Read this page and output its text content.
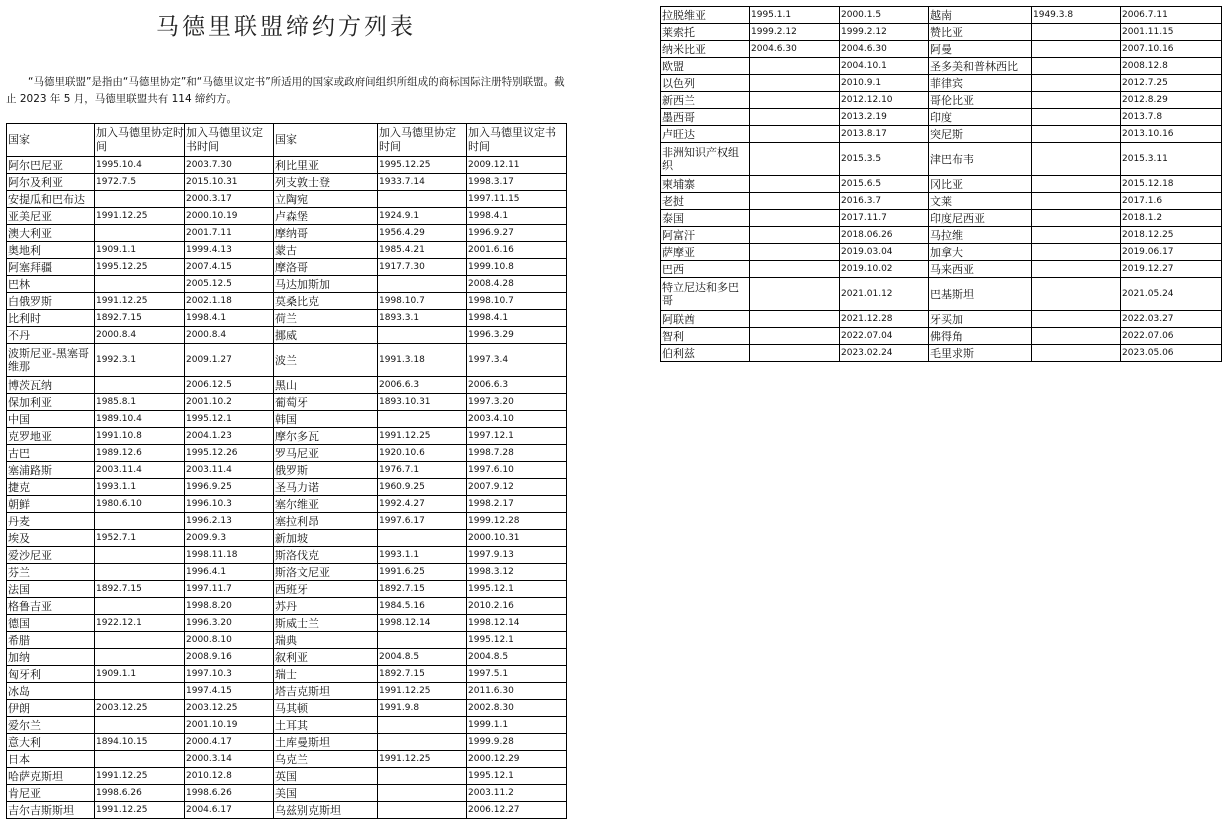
马德里联盟缔约方列表

“马德里联盟”是指由“马德里协定”和“马德里议定书”所适用的国家或政府间组织所组成的商标国际注册特别联盟。截止 2023 年 5 月，马德里联盟共有 114 缔约方。

国家	加入马德里协定时间	加入马德里议定书时间	国家	加入马德里协定时间	加入马德里议定书时间
阿尔巴尼亚	1995.10.4	2003.7.30	利比里亚	1995.12.25	2009.12.11
阿尔及利亚	1972.7.5	2015.10.31	列支敦士登	1933.7.14	1998.3.17
安提瓜和巴布达		2000.3.17	立陶宛		1997.11.15
亚美尼亚	1991.12.25	2000.10.19	卢森堡	1924.9.1	1998.4.1
澳大利亚		2001.7.11	摩纳哥	1956.4.29	1996.9.27
奥地利	1909.1.1	1999.4.13	蒙古	1985.4.21	2001.6.16
阿塞拜疆	1995.12.25	2007.4.15	摩洛哥	1917.7.30	1999.10.8
巴林		2005.12.5	马达加斯加		2008.4.28
白俄罗斯	1991.12.25	2002.1.18	莫桑比克	1998.10.7	1998.10.7
比利时	1892.7.15	1998.4.1	荷兰	1893.3.1	1998.4.1
不丹	2000.8.4	2000.8.4	挪威		1996.3.29
波斯尼亚-黑塞哥维那	1992.3.1	2009.1.27	波兰	1991.3.18	1997.3.4
博茨瓦纳		2006.12.5	黑山	2006.6.3	2006.6.3
保加利亚	1985.8.1	2001.10.2	葡萄牙	1893.10.31	1997.3.20
中国	1989.10.4	1995.12.1	韩国		2003.4.10
克罗地亚	1991.10.8	2004.1.23	摩尔多瓦	1991.12.25	1997.12.1
古巴	1989.12.6	1995.12.26	罗马尼亚	1920.10.6	1998.7.28
塞浦路斯	2003.11.4	2003.11.4	俄罗斯	1976.7.1	1997.6.10
捷克	1993.1.1	1996.9.25	圣马力诺	1960.9.25	2007.9.12
朝鲜	1980.6.10	1996.10.3	塞尔维亚	1992.4.27	1998.2.17
丹麦		1996.2.13	塞拉利昂	1997.6.17	1999.12.28
埃及	1952.7.1	2009.9.3	新加坡		2000.10.31
爱沙尼亚		1998.11.18	斯洛伐克	1993.1.1	1997.9.13
芬兰		1996.4.1	斯洛文尼亚	1991.6.25	1998.3.12
法国	1892.7.15	1997.11.7	西班牙	1892.7.15	1995.12.1
格鲁吉亚		1998.8.20	苏丹	1984.5.16	2010.2.16
德国	1922.12.1	1996.3.20	斯威士兰	1998.12.14	1998.12.14
希腊		2000.8.10	瑞典		1995.12.1
加纳		2008.9.16	叙利亚	2004.8.5	2004.8.5
匈牙利	1909.1.1	1997.10.3	瑞士	1892.7.15	1997.5.1
冰岛		1997.4.15	塔吉克斯坦	1991.12.25	2011.6.30
伊朗	2003.12.25	2003.12.25	马其顿	1991.9.8	2002.8.30
爱尔兰		2001.10.19	土耳其		1999.1.1
意大利	1894.10.15	2000.4.17	土库曼斯坦		1999.9.28
日本		2000.3.14	乌克兰	1991.12.25	2000.12.29
哈萨克斯坦	1991.12.25	2010.12.8	英国		1995.12.1
肯尼亚	1998.6.26	1998.6.26	美国		2003.11.2
吉尔吉斯斯坦	1991.12.25	2004.6.17	乌兹别克斯坦		2006.12.27
拉脱维亚	1995.1.1	2000.1.5	越南	1949.3.8	2006.7.11
莱索托	1999.2.12	1999.2.12	赞比亚		2001.11.15
纳米比亚	2004.6.30	2004.6.30	阿曼		2007.10.16
欧盟		2004.10.1	圣多美和普林西比		2008.12.8
以色列		2010.9.1	菲律宾		2012.7.25
新西兰		2012.12.10	哥伦比亚		2012.8.29
墨西哥		2013.2.19	印度		2013.7.8
卢旺达		2013.8.17	突尼斯		2013.10.16
非洲知识产权组织		2015.3.5	津巴布韦		2015.3.11
柬埔寨		2015.6.5	冈比亚		2015.12.18
老挝		2016.3.7	文莱		2017.1.6
泰国		2017.11.7	印度尼西亚		2018.1.2
阿富汗		2018.06.26	马拉维		2018.12.25
萨摩亚		2019.03.04	加拿大		2019.06.17
巴西		2019.10.02	马来西亚		2019.12.27
特立尼达和多巴哥		2021.01.12	巴基斯坦		2021.05.24
阿联酋		2021.12.28	牙买加		2022.03.27
智利		2022.07.04	佛得角		2022.07.06
伯利兹		2023.02.24	毛里求斯		2023.05.06
